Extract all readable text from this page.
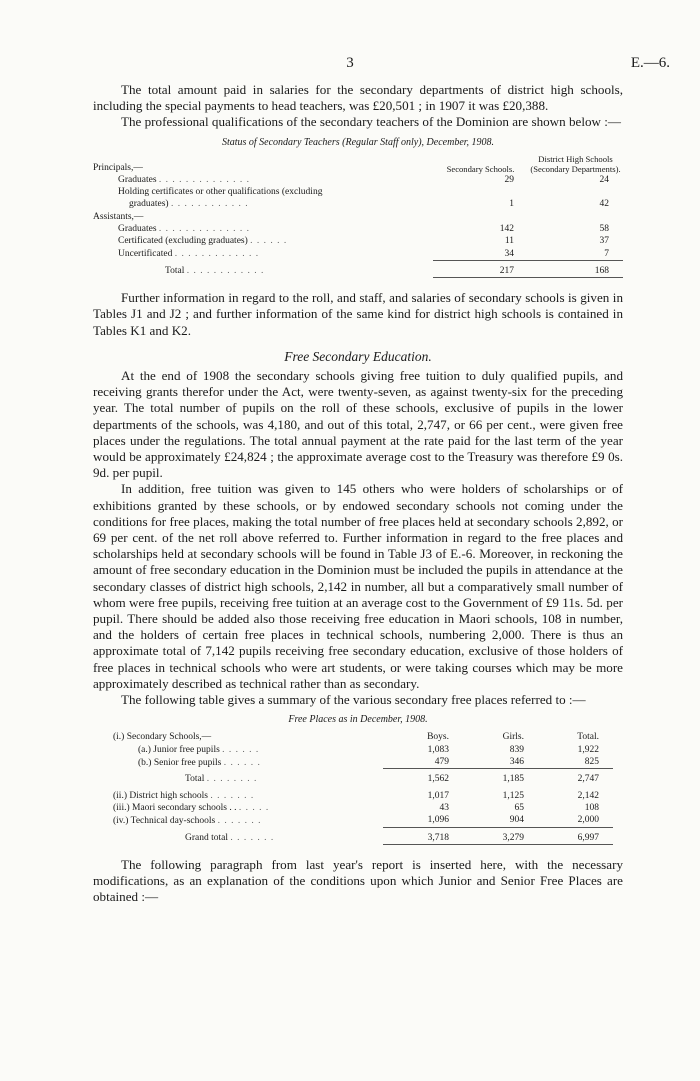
3	E.—6.

The total amount paid in salaries for the secondary departments of district high schools, including the special payments to head teachers, was £20,501 ; in 1907 it was £20,388.

The professional qualifications of the secondary teachers of the Dominion are shown below :—

Status of Secondary Teachers (Regular Staff only), December, 1908.
Principals,—	Secondary Schools.	District High Schools (Secondary Departments).
Graduates . . . . . . . . . . . . . .	29	24
Holding certificates or other qualifications (excluding		
graduates) . . . . . . . . . . . .	1	42
Assistants,—		
Graduates . . . . . . . . . . . . . .	142	58
Certificated (excluding graduates) . . . . . .	11	37
Uncertificated . . . . . . . . . . . . .	34	7

Total . . . . . . . . . . . .	217	168

Further information in regard to the roll, and staff, and salaries of secondary schools is given in Tables J1 and J2 ; and further information of the same kind for district high schools is contained in Tables K1 and K2.

Free Secondary Education.

At the end of 1908 the secondary schools giving free tuition to duly qualified pupils, and receiving grants therefor under the Act, were twenty-seven, as against twenty-six for the preceding year. The total number of pupils on the roll of these schools, exclusive of pupils in the lower departments of the schools, was 4,180, and out of this total, 2,747, or 66 per cent., were given free places under the regulations. The total annual payment at the rate paid for the last term of the year would be approximately £24,824 ; the approximate average cost to the Treasury was therefore £9 0s. 9d. per pupil.

In addition, free tuition was given to 145 others who were holders of scholarships or of exhibitions granted by these schools, or by endowed secondary schools not coming under the conditions for free places, making the total number of free places held at secondary schools 2,892, or 69 per cent. of the net roll above referred to. Further information in regard to the free places and scholarships held at secondary schools will be found in Table J3 of E.-6. Moreover, in reckoning the amount of free secondary education in the Dominion must be included the pupils in attendance at the secondary classes of district high schools, 2,142 in number, all but a comparatively small number of whom were free pupils, receiving free tuition at an average cost to the Government of £9 11s. 5d. per pupil. There should be added also those receiving free education in Maori schools, 108 in number, and the holders of certain free places in technical schools, numbering 2,000. There is thus an approximate total of 7,142 pupils receiving free secondary education, exclusive of those holders of free places in technical schools who were art students, or were taking courses which may be more approximately described as technical rather than as secondary.

The following table gives a summary of the various secondary free places referred to :—

Free Places as in December, 1908.
(i.) Secondary Schools,—	Boys.	Girls.	Total.
(a.) Junior free pupils . . . . . .	1,083	839	1,922
(b.) Senior free pupils . . . . . .	479	346	825

Total . . . . . . . .	1,562	1,185	2,747

(ii.) District high schools . . . . . . .	1,017	1,125	2,142
(iii.) Maori secondary schools . . . . . . .	43	65	108
(iv.) Technical day-schools . . . . . . .	1,096	904	2,000

Grand total . . . . . . .	3,718	3,279	6,997

The following paragraph from last year's report is inserted here, with the necessary modifications, as an explanation of the conditions upon which Junior and Senior Free Places are obtained :—
